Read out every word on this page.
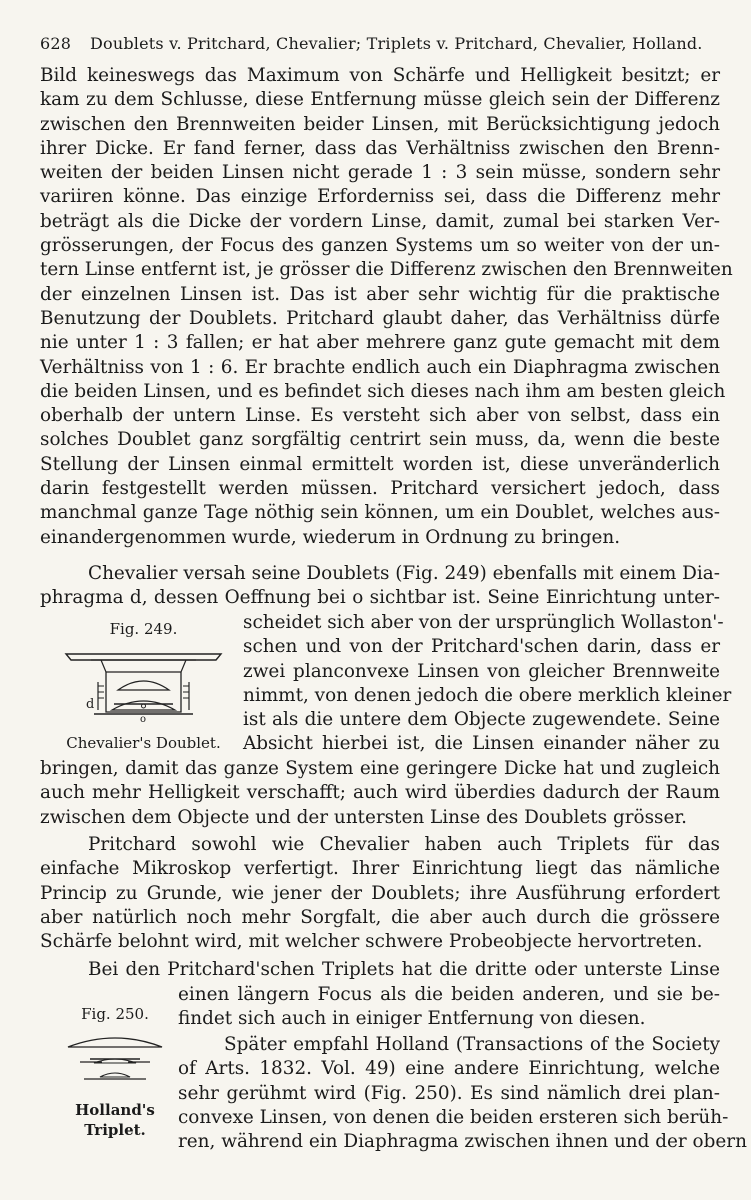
628 Doublets v. Pritchard, Chevalier; Triplets v. Pritchard, Chevalier, Holland.
Bild keineswegs das Maximum von Schärfe und Helligkeit besitzt; er
kam zu dem Schlusse, diese Entfernung müsse gleich sein der Differenz
zwischen den Brennweiten beider Linsen, mit Berücksichtigung jedoch
ihrer Dicke. Er fand ferner, dass das Verhältniss zwischen den Brenn-
weiten der beiden Linsen nicht gerade 1 : 3 sein müsse, sondern sehr
variiren könne. Das einzige Erforderniss sei, dass die Differenz mehr
beträgt als die Dicke der vordern Linse, damit, zumal bei starken Ver-
grösserungen, der Focus des ganzen Systems um so weiter von der un-
tern Linse entfernt ist, je grösser die Differenz zwischen den Brennweiten
der einzelnen Linsen ist. Das ist aber sehr wichtig für die praktische
Benutzung der Doublets. Pritchard glaubt daher, das Verhältniss dürfe
nie unter 1 : 3 fallen; er hat aber mehrere ganz gute gemacht mit dem
Verhältniss von 1 : 6. Er brachte endlich auch ein Diaphragma zwischen
die beiden Linsen, und es befindet sich dieses nach ihm am besten gleich
oberhalb der untern Linse. Es versteht sich aber von selbst, dass ein
solches Doublet ganz sorgfältig centrirt sein muss, da, wenn die beste
Stellung der Linsen einmal ermittelt worden ist, diese unveränderlich
darin festgestellt werden müssen. Pritchard versichert jedoch, dass
manchmal ganze Tage nöthig sein können, um ein Doublet, welches aus-
einandergenommen wurde, wiederum in Ordnung zu bringen.
Chevalier versah seine Doublets (Fig. 249) ebenfalls mit einem Dia-
phragma d, dessen Oeffnung bei o sichtbar ist. Seine Einrichtung unter-
Fig. 249.
d
o
Chevalier's Doublet.
scheidet sich aber von der ursprünglich Wollaston'-
schen und von der Pritchard'schen darin, dass er
zwei planconvexe Linsen von gleicher Brennweite
nimmt, von denen jedoch die obere merklich kleiner
ist als die untere dem Objecte zugewendete. Seine
Absicht hierbei ist, die Linsen einander näher zu
bringen, damit das ganze System eine geringere Dicke hat und zugleich
auch mehr Helligkeit verschafft; auch wird überdies dadurch der Raum
zwischen dem Objecte und der untersten Linse des Doublets grösser.
Pritchard sowohl wie Chevalier haben auch Triplets für das
einfache Mikroskop verfertigt. Ihrer Einrichtung liegt das nämliche
Princip zu Grunde, wie jener der Doublets; ihre Ausführung erfordert
aber natürlich noch mehr Sorgfalt, die aber auch durch die grössere
Schärfe belohnt wird, mit welcher schwere Probeobjecte hervortreten.
Bei den Pritchard'schen Triplets hat die dritte oder unterste Linse
Fig. 250.
Holland's
Triplet.
einen längern Focus als die beiden anderen, und sie be-
findet sich auch in einiger Entfernung von diesen.
Später empfahl Holland (Transactions of the Society
of Arts. 1832. Vol. 49) eine andere Einrichtung, welche
sehr gerühmt wird (Fig. 250). Es sind nämlich drei plan-
convexe Linsen, von denen die beiden ersteren sich berüh-
ren, während ein Diaphragma zwischen ihnen und der obern
